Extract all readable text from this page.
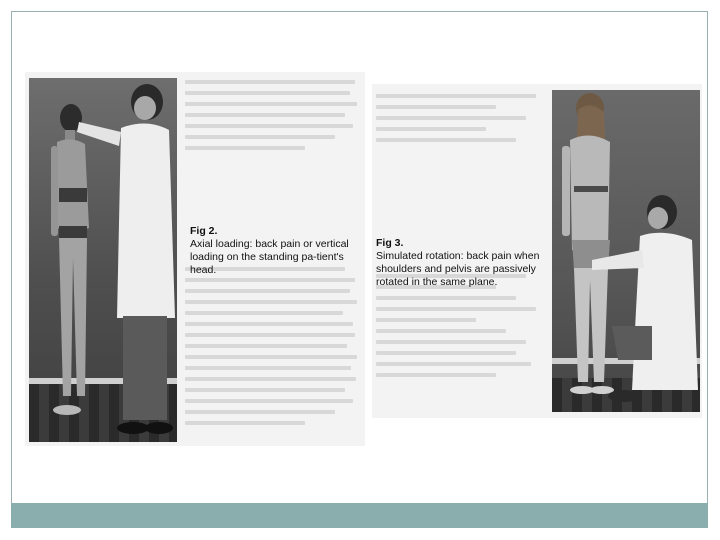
Fig 2.
Axial loading: back pain or vertical loading on the standing pa-tient's head.

Fig 3.
Simulated rotation: back pain when shoulders and pelvis are passively rotated in the same plane.
